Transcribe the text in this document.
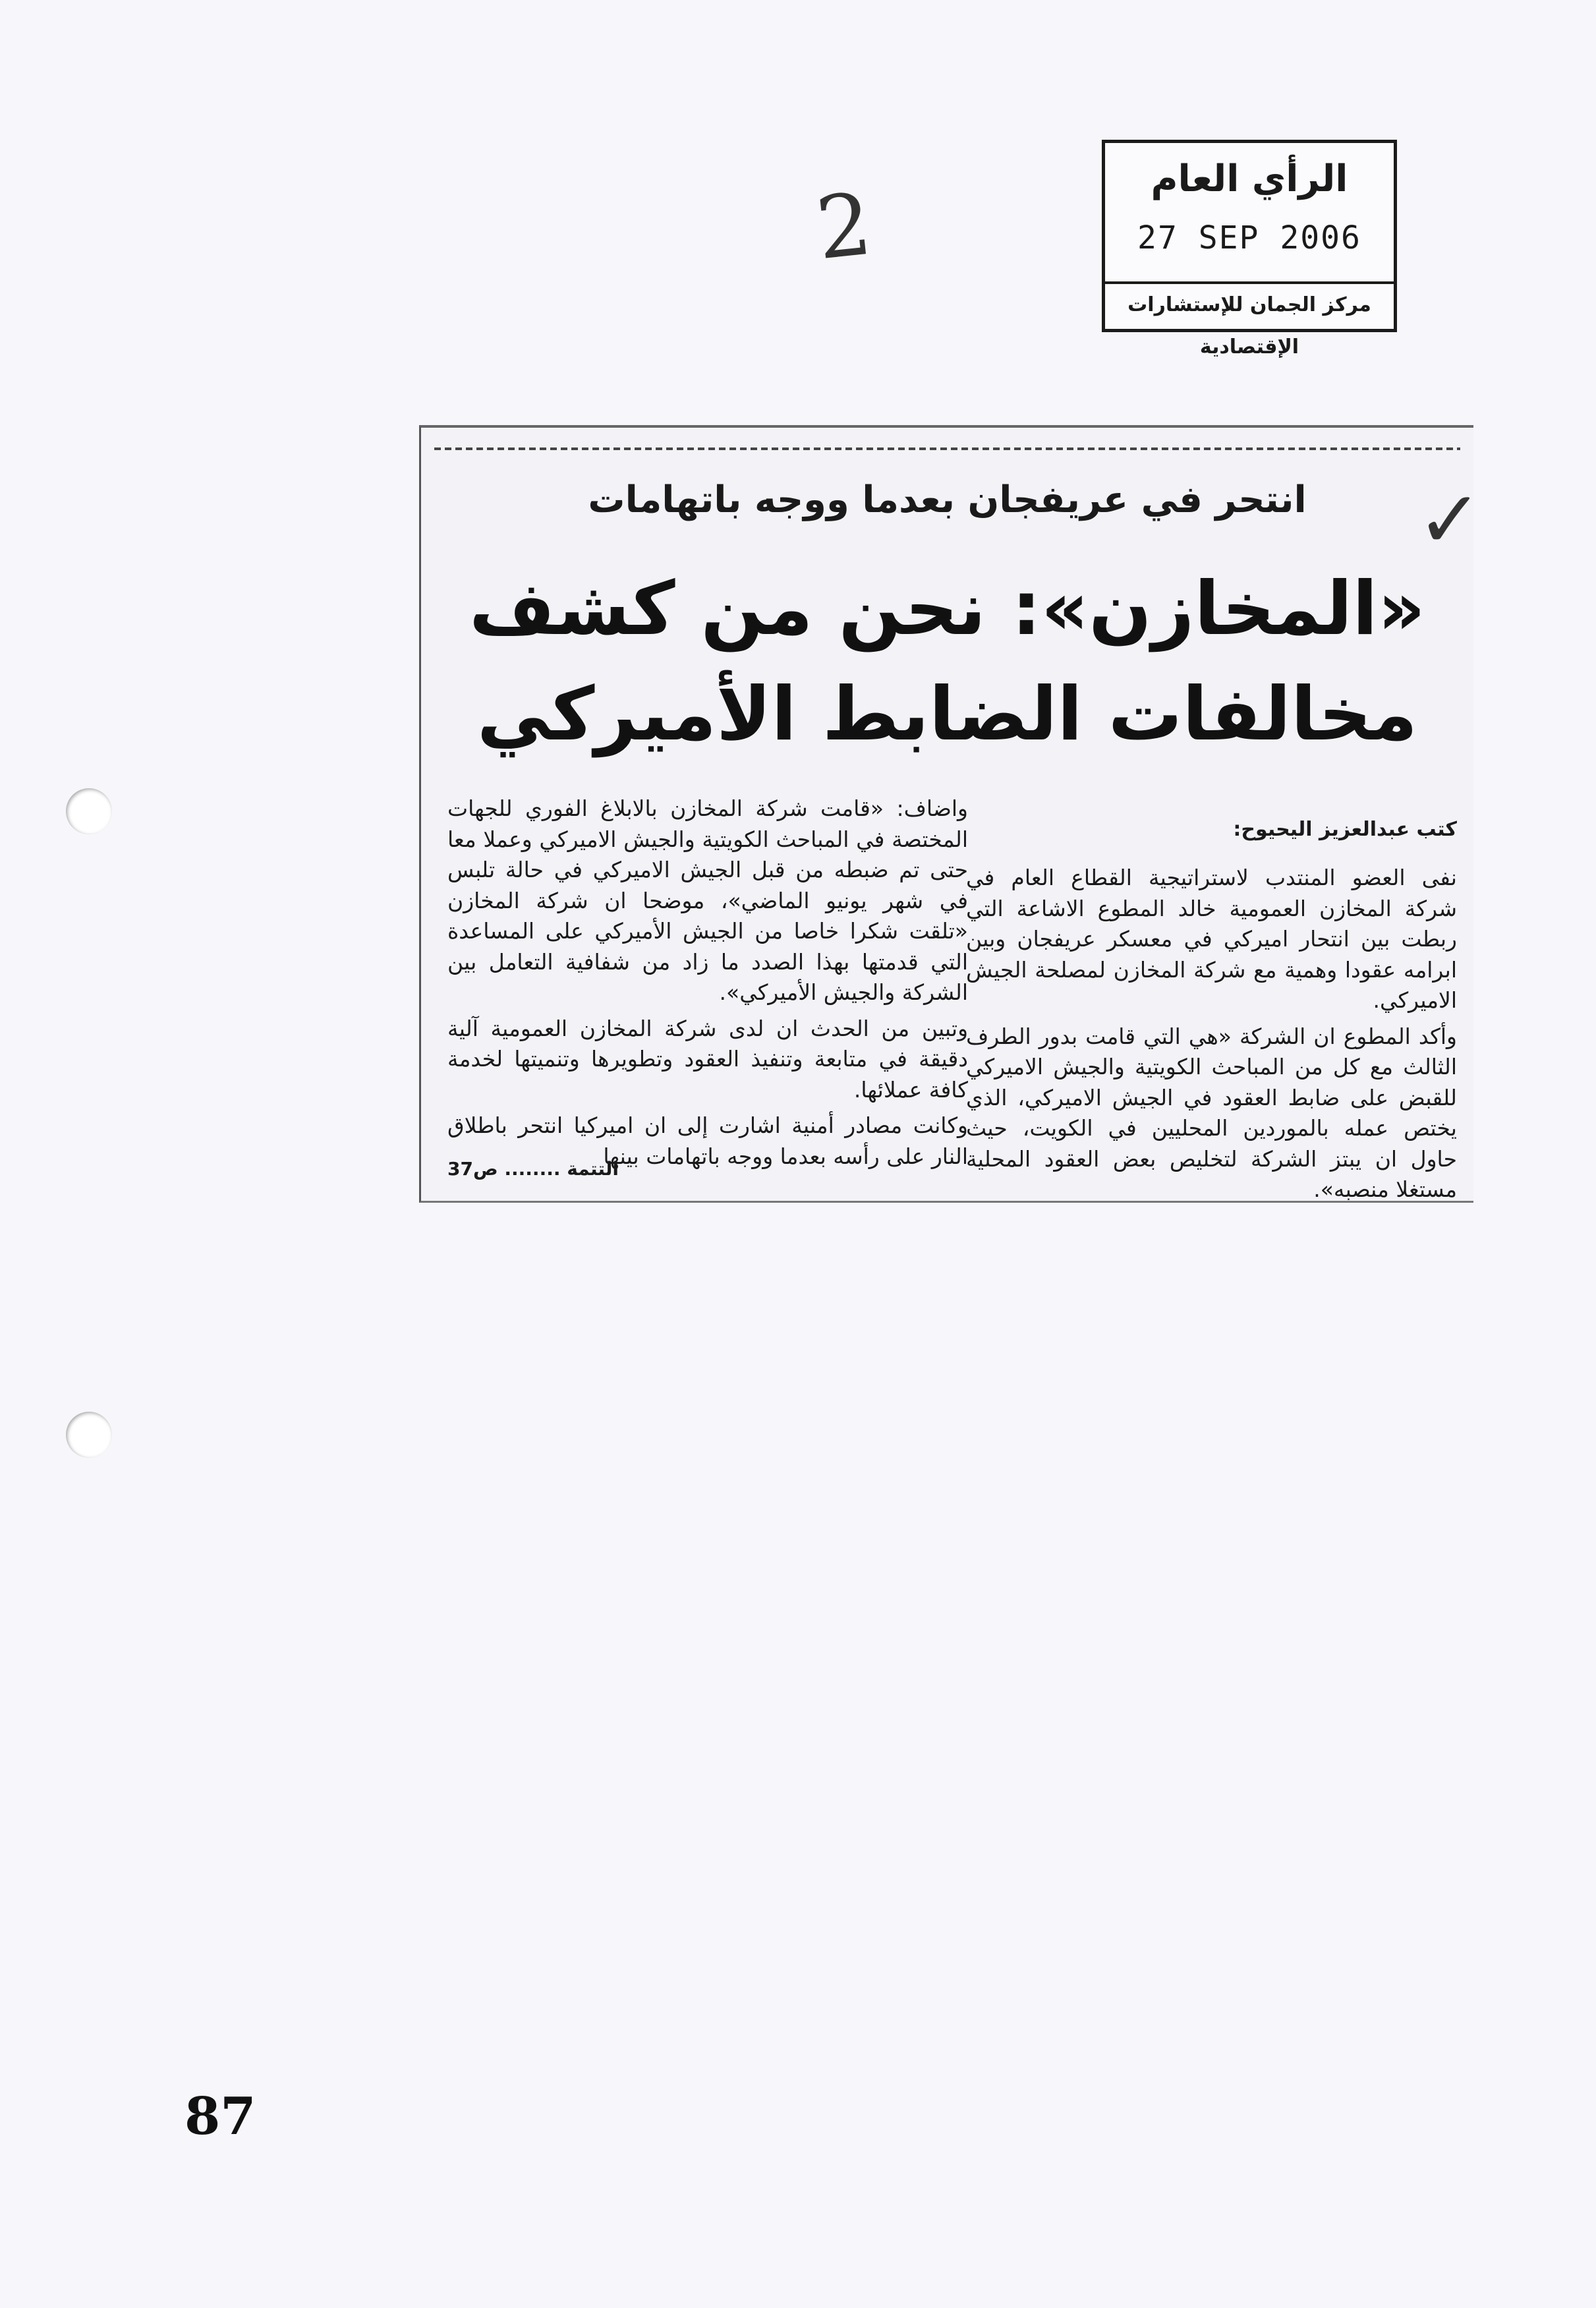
الرأي العام
27 SEP 2006
مركز الجمان للإستشارات الإقتصادية
2
انتحر في عريفجان بعدما ووجه باتهامات
«المخازن»: نحن من كشف
مخالفات الضابط الأميركي
كتب عبدالعزيز اليحيوح:

نفى العضو المنتدب لاستراتيجية القطاع العام في شركة المخازن العمومية خالد المطوع الاشاعة التي ربطت بين انتحار اميركي في معسكر عريفجان وبين ابرامه عقودا وهمية مع شركة المخازن لمصلحة الجيش الاميركي.

وأكد المطوع ان الشركة «هي التي قامت بدور الطرف الثالث مع كل من المباحث الكويتية والجيش الاميركي للقبض على ضابط العقود في الجيش الاميركي، الذي يختص عمله بالموردين المحليين في الكويت، حيث حاول ان يبتز الشركة لتخليص بعض العقود المحلية مستغلا منصبه».

واضاف: «قامت شركة المخازن بالابلاغ الفوري للجهات المختصة في المباحث الكويتية والجيش الاميركي وعملا معا حتى تم ضبطه من قبل الجيش الاميركي في حالة تلبس في شهر يونيو الماضي»، موضحا ان شركة المخازن «تلقت شكرا خاصا من الجيش الأميركي على المساعدة التي قدمتها بهذا الصدد ما زاد من شفافية التعامل بين الشركة والجيش الأميركي».

وتبين من الحدث ان لدى شركة المخازن العمومية آلية دقيقة في متابعة وتنفيذ العقود وتطويرها وتنميتها لخدمة كافة عملائها.

وكانت مصادر أمنية اشارت إلى ان اميركيا انتحر باطلاق النار على رأسه بعدما ووجه باتهامات بينها

التتمة ........ ص37
✓
87
